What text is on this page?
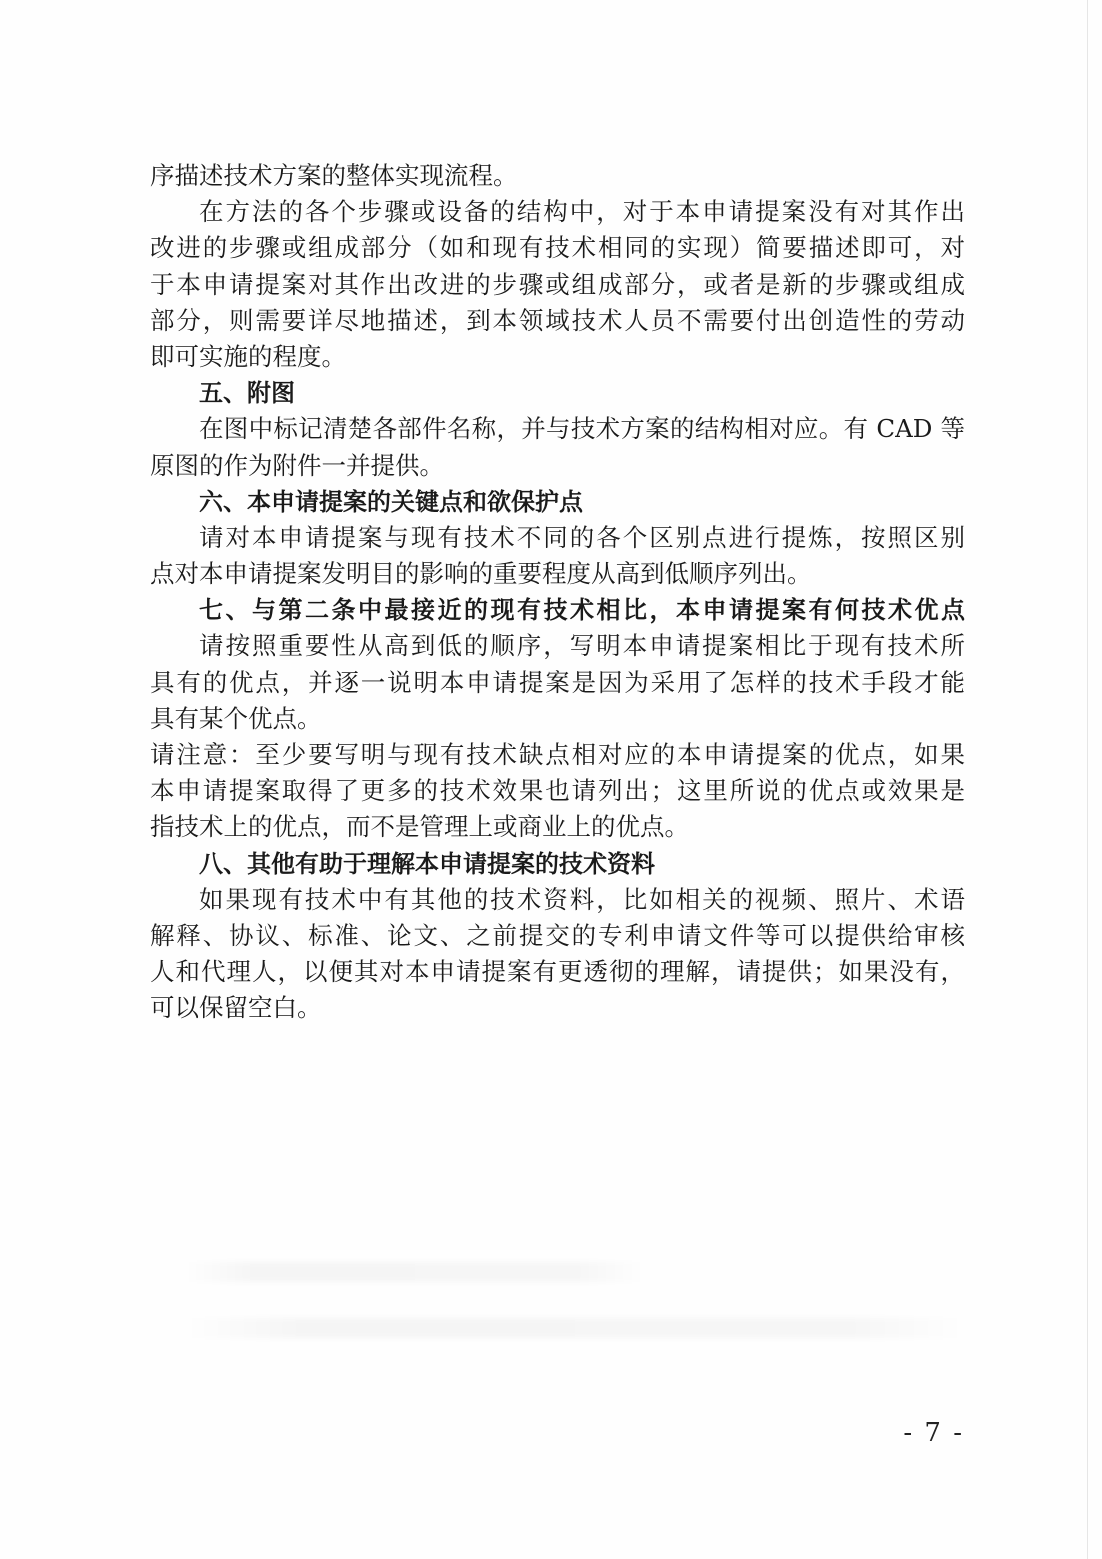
序描述技术方案的整体实现流程。
在方法的各个步骤或设备的结构中，对于本申请提案没有对其作出
改进的步骤或组成部分（如和现有技术相同的实现）简要描述即可，对
于本申请提案对其作出改进的步骤或组成部分，或者是新的步骤或组成
部分，则需要详尽地描述，到本领域技术人员不需要付出创造性的劳动
即可实施的程度。
五、附图
在图中标记清楚各部件名称，并与技术方案的结构相对应。有 CAD 等
原图的作为附件一并提供。
六、本申请提案的关键点和欲保护点
请对本申请提案与现有技术不同的各个区别点进行提炼，按照区别
点对本申请提案发明目的影响的重要程度从高到低顺序列出。
七、与第二条中最接近的现有技术相比，本申请提案有何技术优点
请按照重要性从高到低的顺序，写明本申请提案相比于现有技术所
具有的优点，并逐一说明本申请提案是因为采用了怎样的技术手段才能
具有某个优点。
请注意：至少要写明与现有技术缺点相对应的本申请提案的优点，如果
本申请提案取得了更多的技术效果也请列出；这里所说的优点或效果是
指技术上的优点，而不是管理上或商业上的优点。
八、其他有助于理解本申请提案的技术资料
如果现有技术中有其他的技术资料，比如相关的视频、照片、术语
解释、协议、标准、论文、之前提交的专利申请文件等可以提供给审核
人和代理人，以便其对本申请提案有更透彻的理解，请提供；如果没有，
可以保留空白。
- 7 -
